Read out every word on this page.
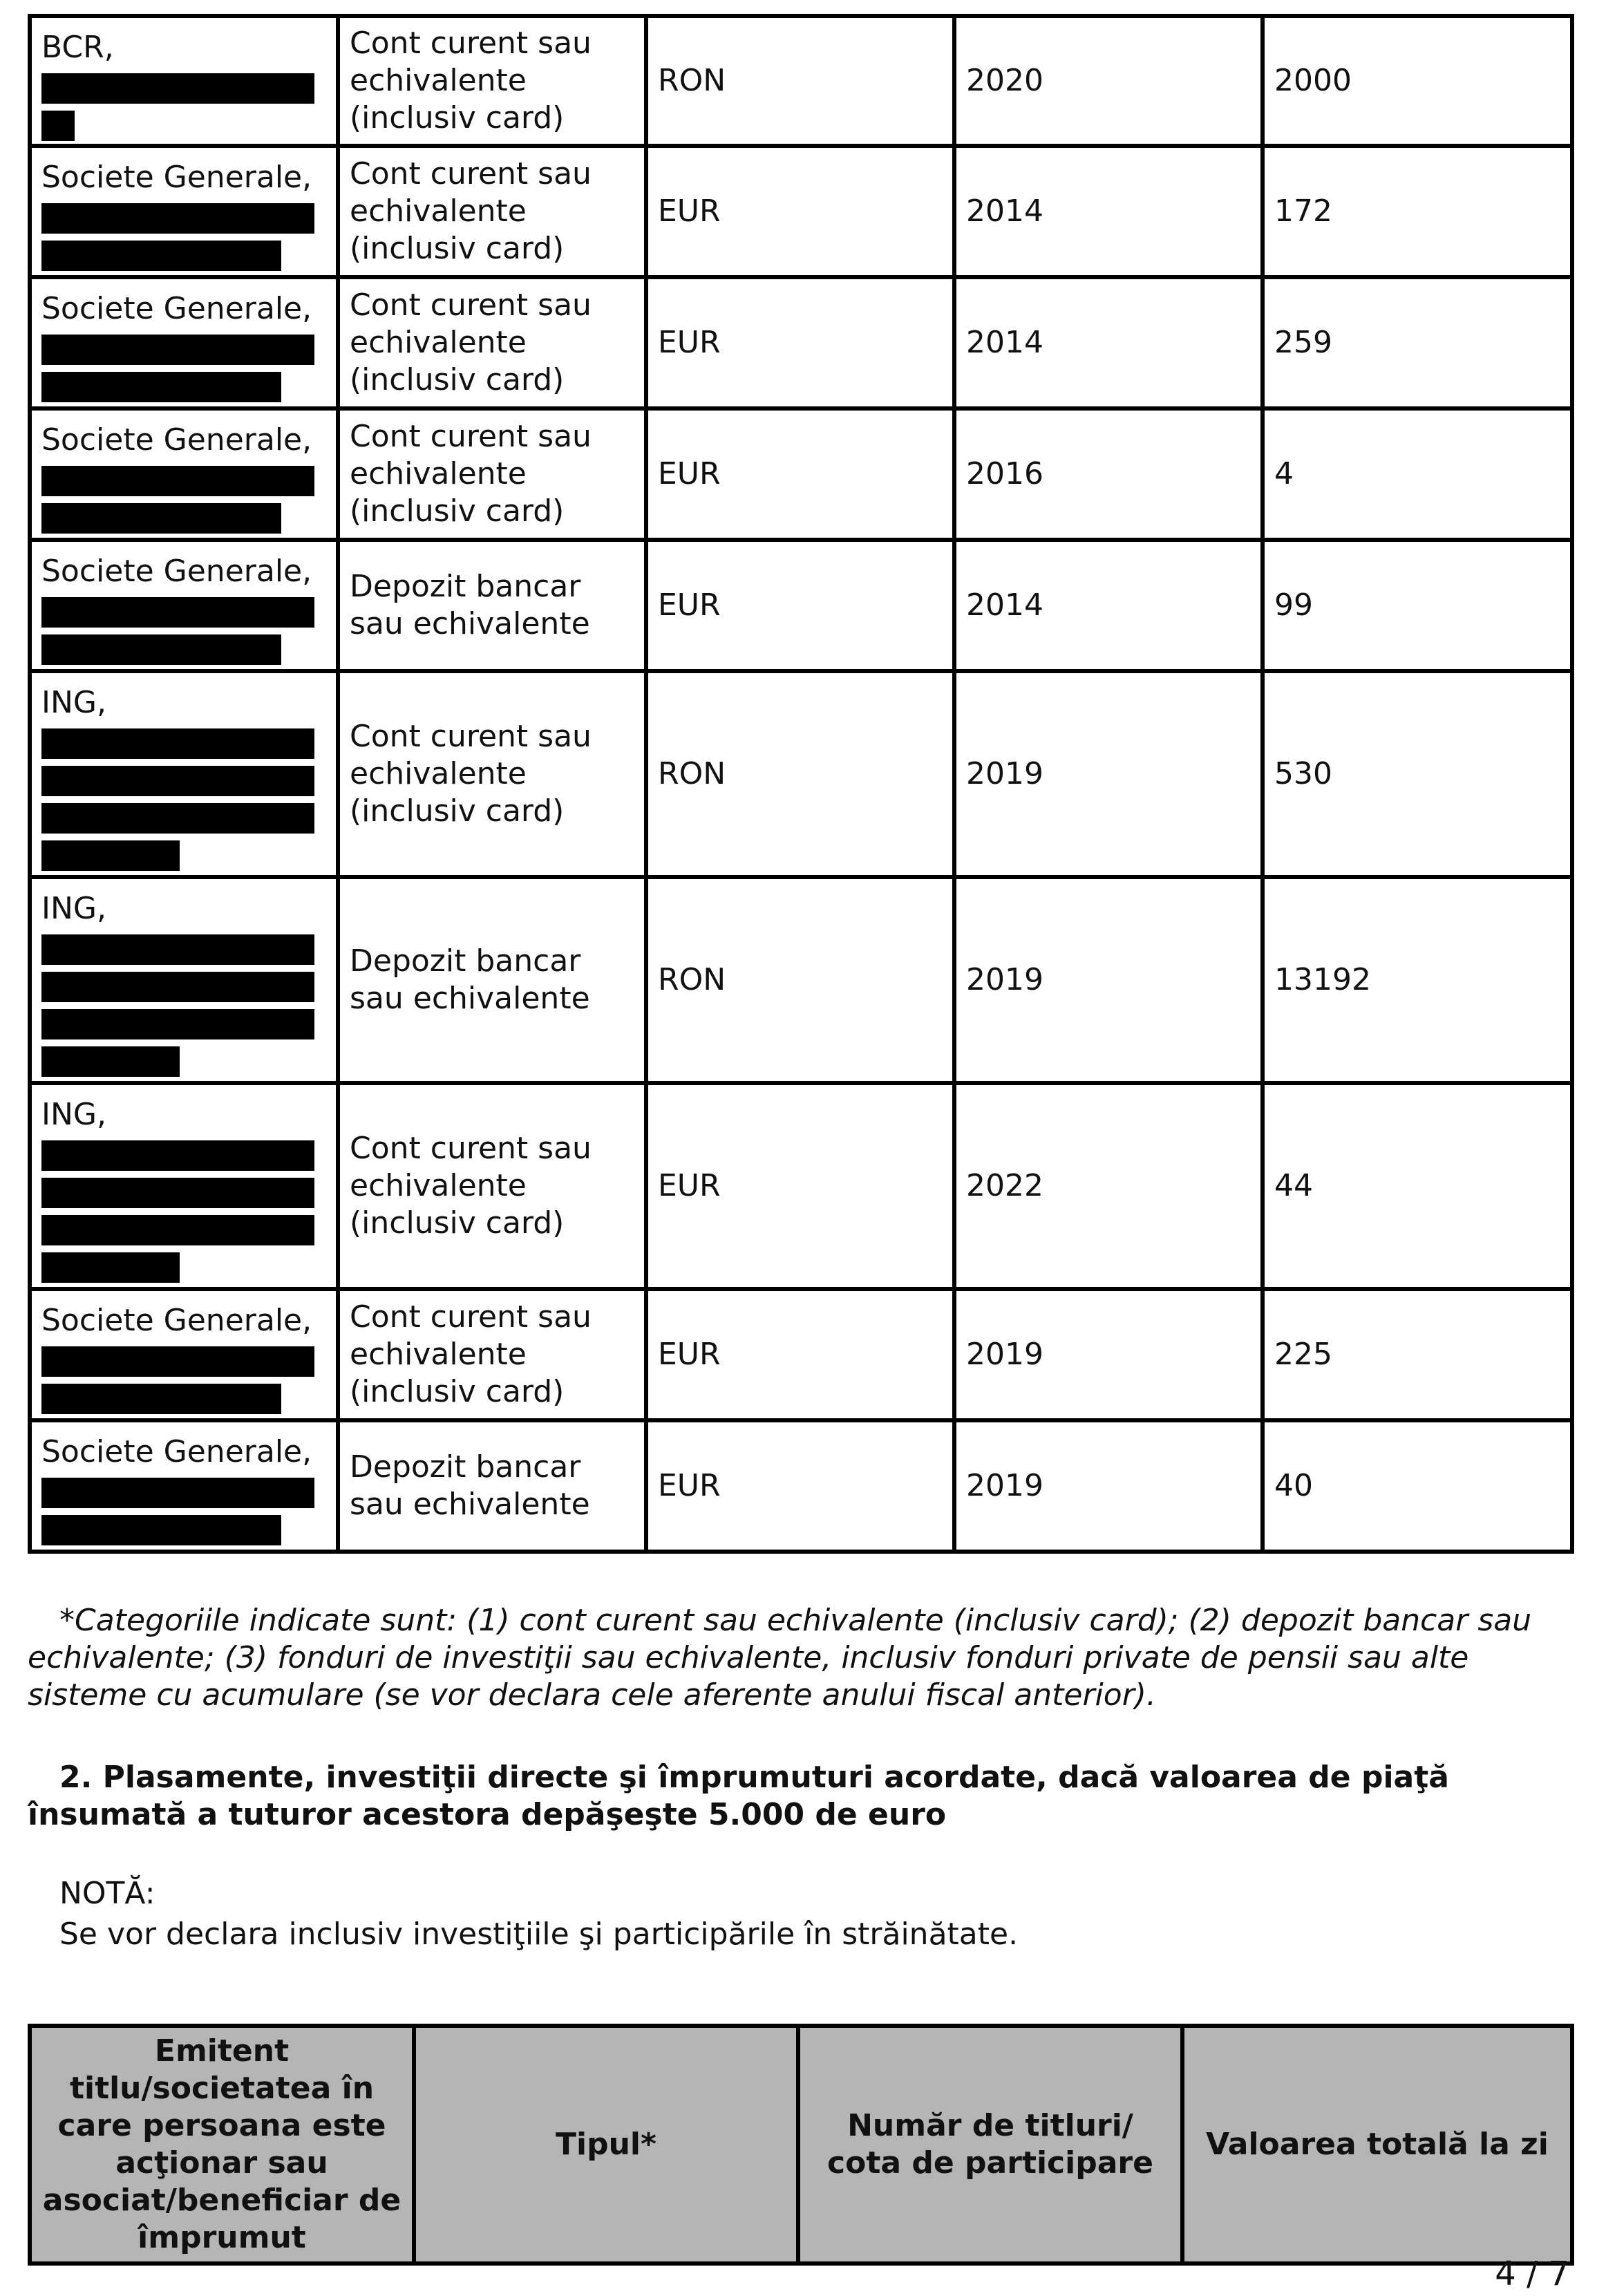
BCR,	Cont curent sau echivalente (inclusiv card)	RON	2020	2000

Societe Generale,	Cont curent sau echivalente (inclusiv card)	EUR	2014	172

Societe Generale,	Cont curent sau echivalente (inclusiv card)	EUR	2014	259

Societe Generale,	Cont curent sau echivalente (inclusiv card)	EUR	2016	4

Societe Generale,	Depozit bancar sau echivalente	EUR	2014	99

ING,	Cont curent sau echivalente (inclusiv card)	RON	2019	530

ING,	Depozit bancar sau echivalente	RON	2019	13192

ING,	Cont curent sau echivalente (inclusiv card)	EUR	2022	44

Societe Generale,	Cont curent sau echivalente (inclusiv card)	EUR	2019	225

Societe Generale,	Depozit bancar sau echivalente	EUR	2019	40
*Categoriile indicate sunt: (1) cont curent sau echivalente (inclusiv card); (2) depozit bancar sau echivalente; (3) fonduri de investiţii sau echivalente, inclusiv fonduri private de pensii sau alte sisteme cu acumulare (se vor declara cele aferente anului fiscal anterior).
2. Plasamente, investiţii directe şi împrumuturi acordate, dacă valoarea de piaţă însumată a tuturor acestora depăşeşte 5.000 de euro
NOTĂ:
Se vor declara inclusiv investiţiile şi participările în străinătate.
Emitent titlu/societatea în care persoana este acţionar sau asociat/beneficiar de împrumut	Tipul*	Număr de titluri/ cota de participare	Valoarea totală la zi
4 / 7
